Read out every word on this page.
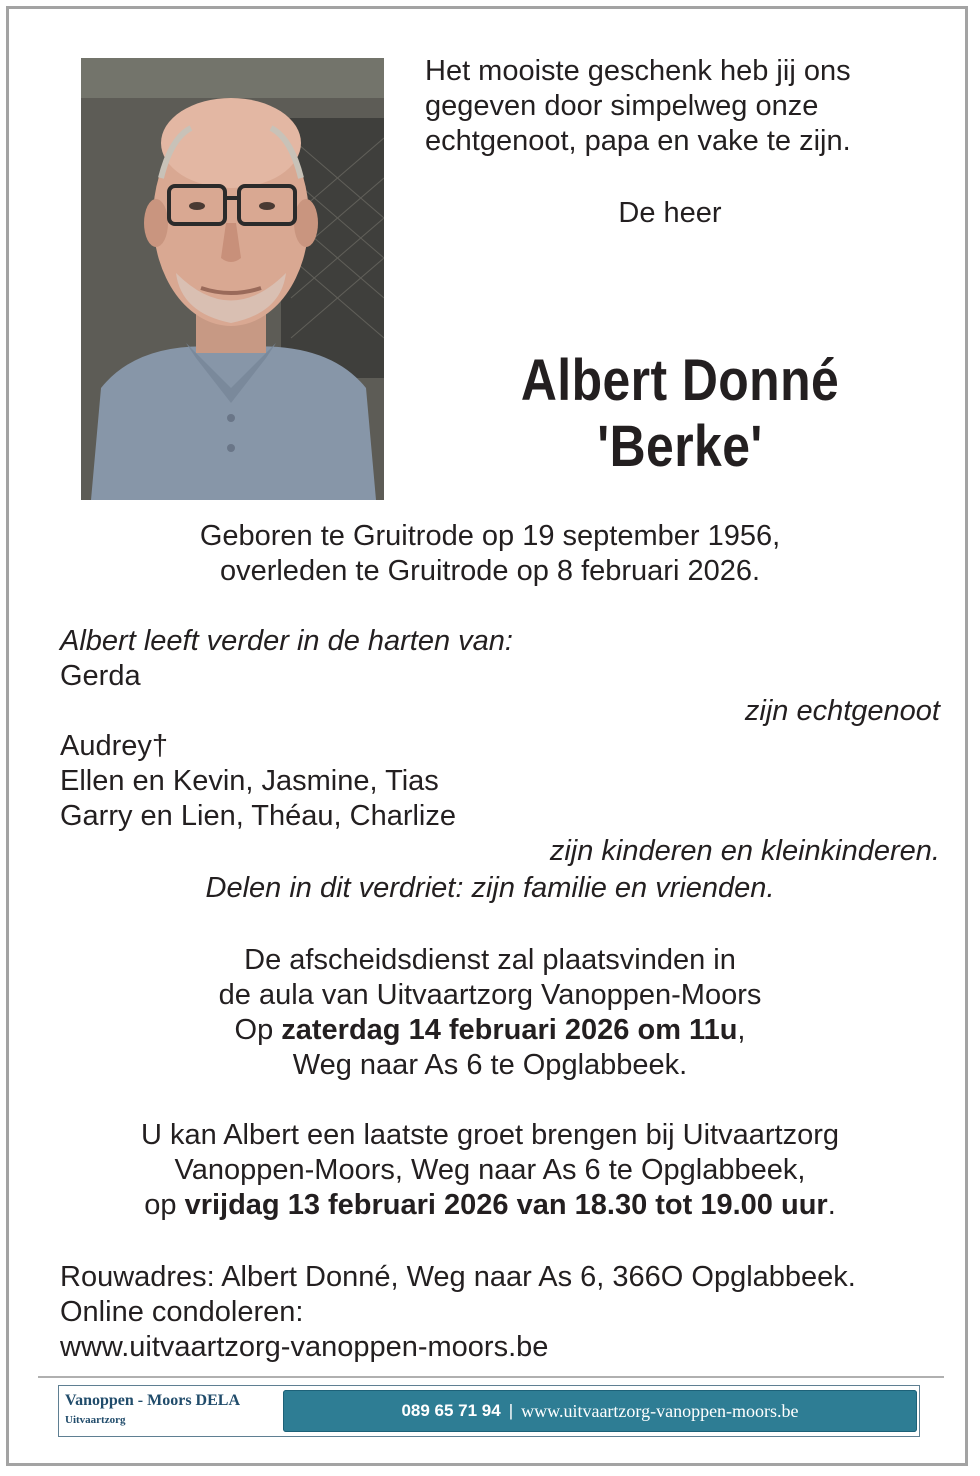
Het mooiste geschenk heb jij ons
gegeven door simpelweg onze
echtgenoot, papa en vake te zijn.
De heer
Albert Donné
'Berke'
Geboren te Gruitrode op 19 september 1956,
overleden te Gruitrode op 8 februari 2026.
Albert leeft verder in de harten van:
Gerda
zijn echtgenoot
Audrey†
Ellen en Kevin, Jasmine, Tias
Garry en Lien, Théau, Charlize
zijn kinderen en kleinkinderen.
Delen in dit verdriet: zijn familie en vrienden.
De afscheidsdienst zal plaatsvinden in
de aula van Uitvaartzorg Vanoppen-Moors
Op zaterdag 14 februari 2026 om 11u,
Weg naar As 6 te Opglabbeek.
U kan Albert een laatste groet brengen bij Uitvaartzorg
Vanoppen-Moors, Weg naar As 6 te Opglabbeek,
op vrijdag 13 februari 2026 van 18.30 tot 19.00 uur.
Rouwadres: Albert Donné, Weg naar As 6, 366O Opglabbeek.
Online condoleren:
www.uitvaartzorg-vanoppen-moors.be
Vanoppen - Moors DELA
Uitvaartzorg	089 65 71 94 | www.uitvaartzorg-vanoppen-moors.be
